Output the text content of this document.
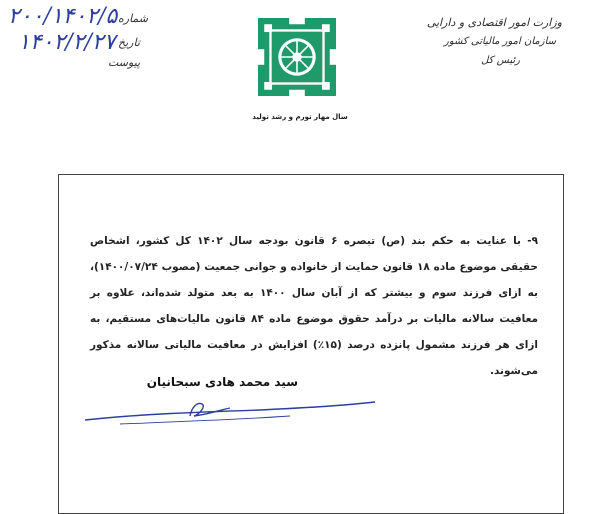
وزارت امور اقتصادی و دارایی
سازمان امور مالیاتی کشور
رئیس کل
سال مهار تورم و رشد تولید
شماره
۲۰۰/۱۴۰۲/۵
تاریخ
۱۴۰۲/۲/۲۷
پیوست
۹- با عنایت به حکم بند (ص) تبصره ۶ قانون بودجه سال ۱۴۰۲ کل کشور، اشخاص حقیقی موضوع ماده ۱۸ قانون حمایت از خانواده و جوانی جمعیت (مصوب ۱۴۰۰/۰۷/۲۴)، به ازای فرزند سوم و بیشتر که از آبان سال ۱۴۰۰ به بعد متولد شده‌اند، علاوه بر معافیت سالانه مالیات بر درآمد حقوق موضوع ماده ۸۴ قانون مالیات‌های مستقیم، به ازای هر فرزند مشمول پانزده درصد (۱۵٪) افزایش در معافیت مالیاتی سالانه مذکور می‌شوند.
سید محمد هادی سبحانیان
